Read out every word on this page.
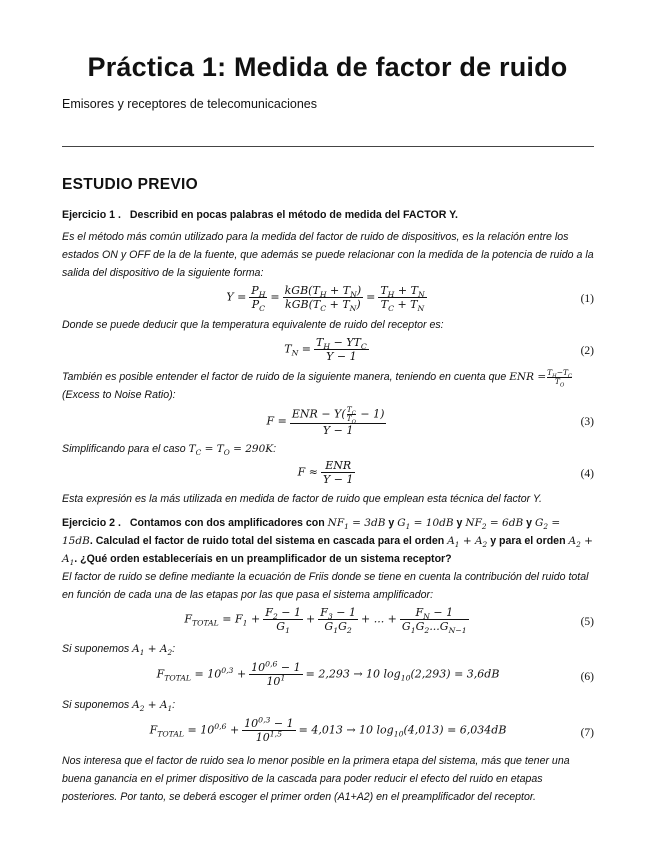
Práctica 1: Medida de factor de ruido

Emisores y receptores de telecomunicaciones

ESTUDIO PREVIO

Ejercicio 1 . Describid en pocas palabras el método de medida del FACTOR Y.

Es el método más común utilizado para la medida del factor de ruido de dispositivos, es la relación entre los estados ON y OFF de la de la fuente, que además se puede relacionar con la medida de la potencia de ruido a la salida del dispositivo de la siguiente forma:

$Y = \frac{P_H}{P_C} = \frac{kGB(T_H + T_N)}{kGB(T_C + T_N)} = \frac{T_H + T_N}{T_C + T_N}$	(1)

Donde se puede deducir que la temperatura equivalente de ruido del receptor es:

$T_N = \frac{T_H - YT_C}{Y - 1}$	(2)

También es posible entender el factor de ruido de la siguiente manera, teniendo en cuenta que ENR = $\frac{T_H-T_C}{T_O}$
(Excess to Noise Ratio):

$F = \frac{ENR - Y( \frac{T_C}{T_O} - 1)}{Y - 1}$	(3)

Simplificando para el caso $T_C = T_O = 290K$:

$F \approx \frac{\text{ENR}}{Y - 1}$	(4)

Esta expresión es la más utilizada en medida de factor de ruido que emplean esta técnica del factor Y.

Ejercicio 2 . Contamos con dos amplificadores con $NF_1 = 3dB$ y $G_1 = 10dB$ y $NF_2 = 6dB$ y $G_2 = 15dB$. Calculad el factor de ruido total del sistema en cascada para el orden $A_1 + A_2$ y para el orden $A_2 + A_1$. ¿Qué orden estableceríais en un preamplificador de un sistema receptor?

El factor de ruido se define mediante la ecuación de Friis donde se tiene en cuenta la contribución del ruido total en función de cada una de las etapas por las que pasa el sistema amplificador:

$F_{TOTAL} = F_1 + \frac{F_2 - 1}{G_1} + \frac{F_3 - 1}{G_1G_2}$ + ... + $\frac{F_N - 1}{G_1G_2...G_{N-1}}$	(5)

Si suponemos $A_1 + A_2$:

$F_{TOTAL} = 10^{0,3} + \frac{10^{0,6} - 1}{10^1} = 2,293 \to 10$ $\log_{10}(2,293) = 3,6dB$	(6)

Si suponemos $A_2 + A_1$:

$F_{TOTAL} = 10^{0,6} + \frac{10^{0,3} - 1}{10^{1,5}} = 4,013 \to 10$ $\log_{10}(4,013) = 6,034dB$	(7)

Nos interesa que el factor de ruido sea lo menor posible en la primera etapa del sistema, más que tener una buena ganancia en el primer dispositivo de la cascada para poder reducir el efecto del ruido en etapas posteriores. Por tanto, se deberá escoger el primer orden (A1+A2) en el preamplificador del receptor.
